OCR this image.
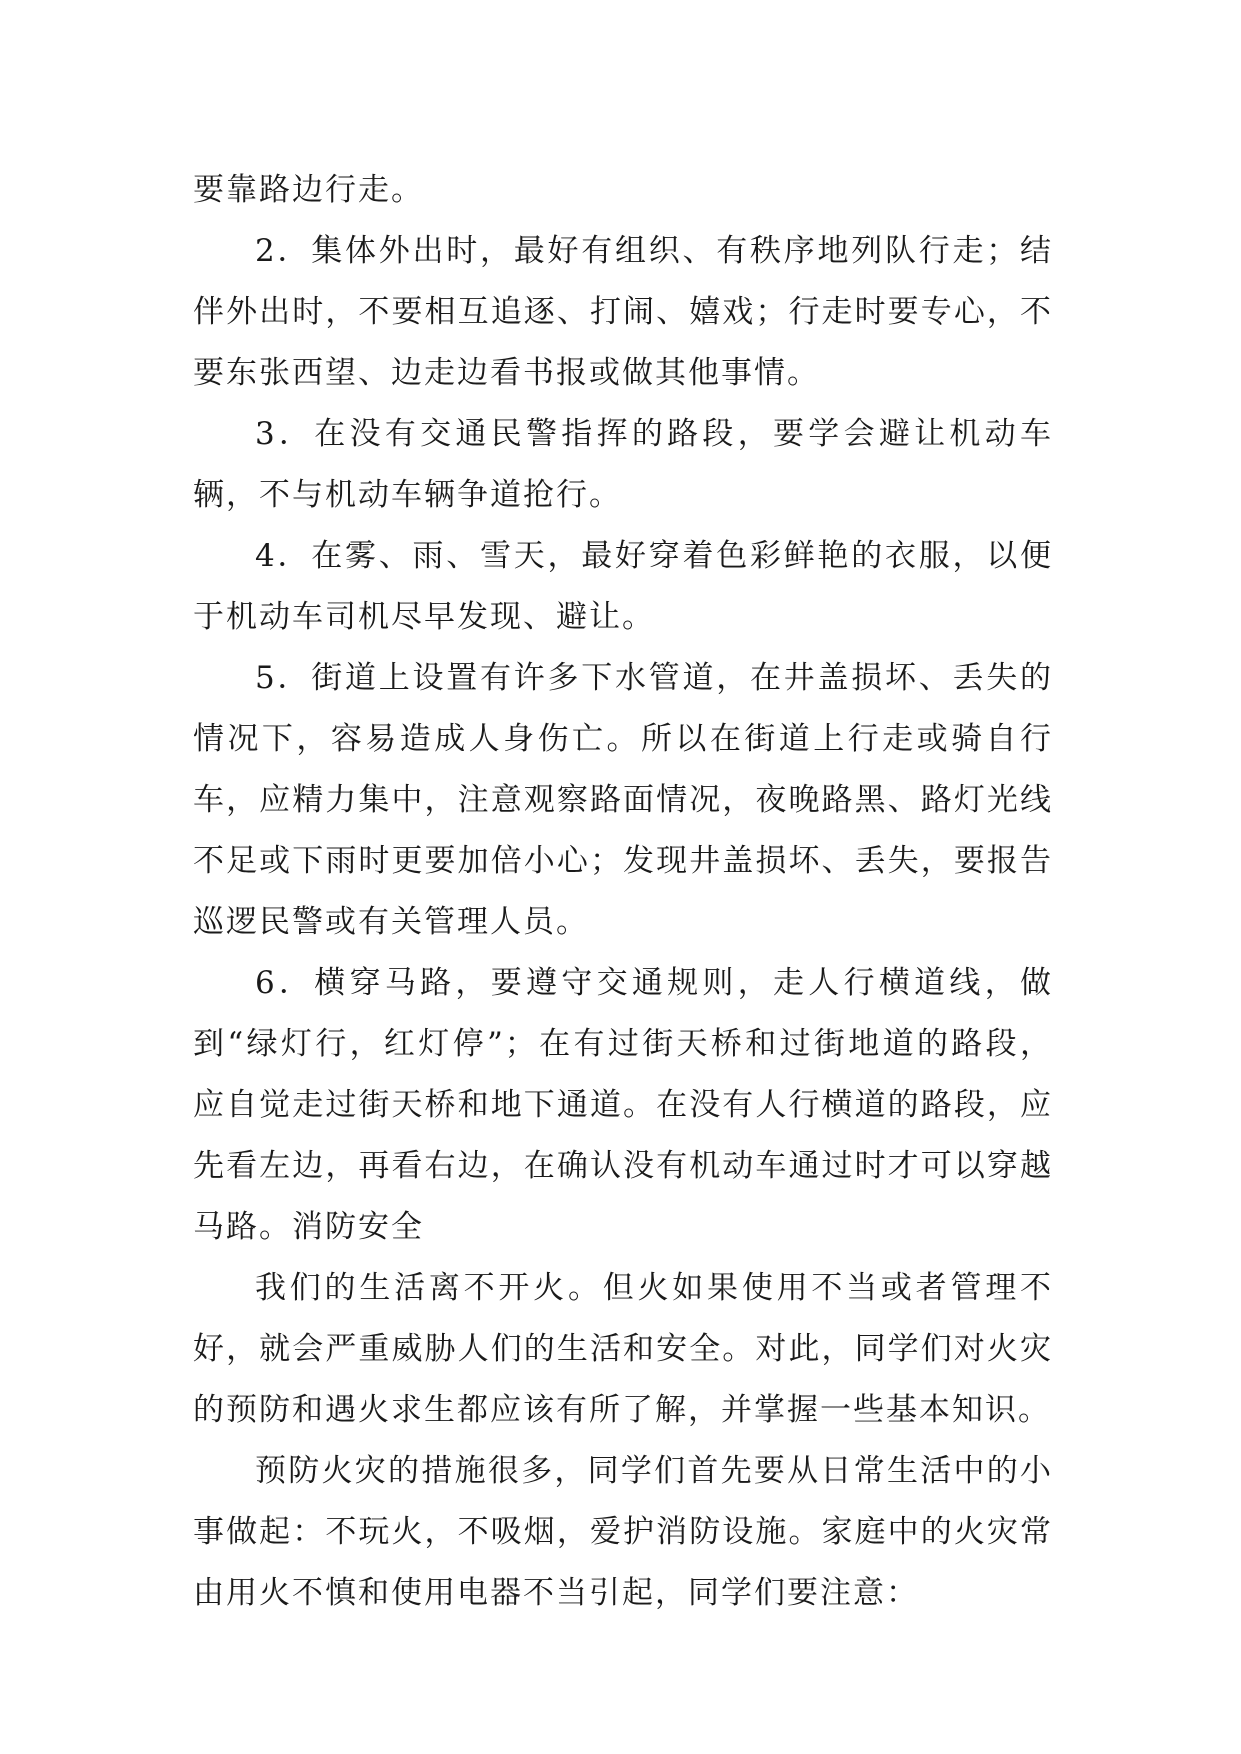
要靠路边行走。

2．集体外出时，最好有组织、有秩序地列队行走；结伴外出时，不要相互追逐、打闹、嬉戏；行走时要专心，不要东张西望、边走边看书报或做其他事情。

3．在没有交通民警指挥的路段，要学会避让机动车辆，不与机动车辆争道抢行。

4．在雾、雨、雪天，最好穿着色彩鲜艳的衣服，以便于机动车司机尽早发现、避让。

5．街道上设置有许多下水管道，在井盖损坏、丢失的情况下，容易造成人身伤亡。所以在街道上行走或骑自行车，应精力集中，注意观察路面情况，夜晚路黑、路灯光线不足或下雨时更要加倍小心；发现井盖损坏、丢失，要报告巡逻民警或有关管理人员。

6．横穿马路，要遵守交通规则，走人行横道线，做到“绿灯行，红灯停”；在有过街天桥和过街地道的路段，应自觉走过街天桥和地下通道。在没有人行横道的路段，应先看左边，再看右边，在确认没有机动车通过时才可以穿越马路。消防安全

我们的生活离不开火。但火如果使用不当或者管理不好，就会严重威胁人们的生活和安全。对此，同学们对火灾的预防和遇火求生都应该有所了解，并掌握一些基本知识。

预防火灾的措施很多，同学们首先要从日常生活中的小事做起：不玩火，不吸烟，爱护消防设施。家庭中的火灾常由用火不慎和使用电器不当引起，同学们要注意：
